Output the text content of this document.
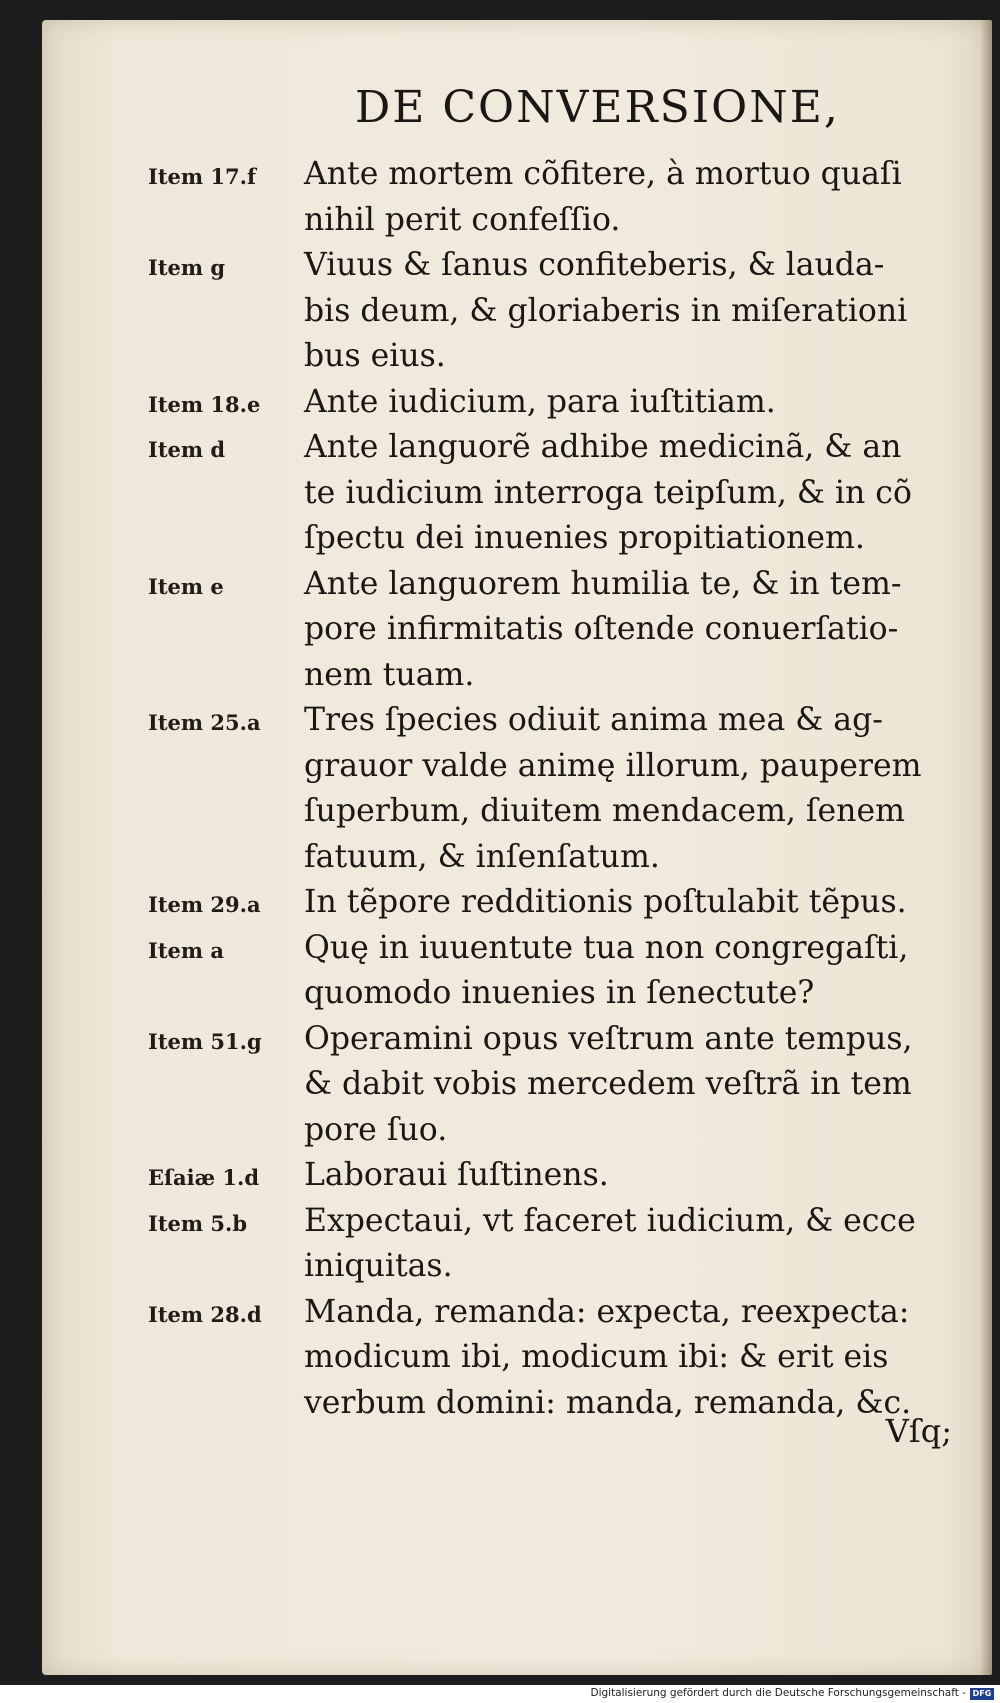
DE CONVERSIONE,
Item 17.f	Ante mortem cõfitere, à mortuo quaſi
nihil perit confeſſio.
Item g	Viuus & ſanus confiteberis, & lauda-
bis deum, & gloriaberis in miſerationi
bus eius.
Item 18.e	Ante iudicium, para iuſtitiam.
Item d	Ante languorẽ adhibe medicinã, & an
te iudicium interroga teipſum, & in cõ
ſpectu dei inuenies propitiationem.
Item e	Ante languorem humilia te, & in tem-
pore infirmitatis oſtende conuerſatio-
nem tuam.
Item 25.a	Tres ſpecies odiuit anima mea & ag-
grauor valde animę illorum, pauperem
ſuperbum, diuitem mendacem, ſenem
fatuum, & inſenſatum.
Item 29.a	In tẽpore redditionis poſtulabit tẽpus.
Item a	Quę in iuuentute tua non congregaſti,
quomodo inuenies in ſenectute?
Item 51.g	Operamini opus veſtrum ante tempus,
& dabit vobis mercedem veſtrã in tem
pore ſuo.
Eſaiæ 1.d	Laboraui ſuſtinens.
Item 5.b	Expectaui, vt faceret iudicium, & ecce
iniquitas.
Item 28.d	Manda, remanda: expecta, reexpecta:
modicum ibi, modicum ibi: & erit eis
verbum domini: manda, remanda, &c.
Vſq;
Digitalisierung gefördert durch die Deutsche Forschungsgemeinschaft - DFG
